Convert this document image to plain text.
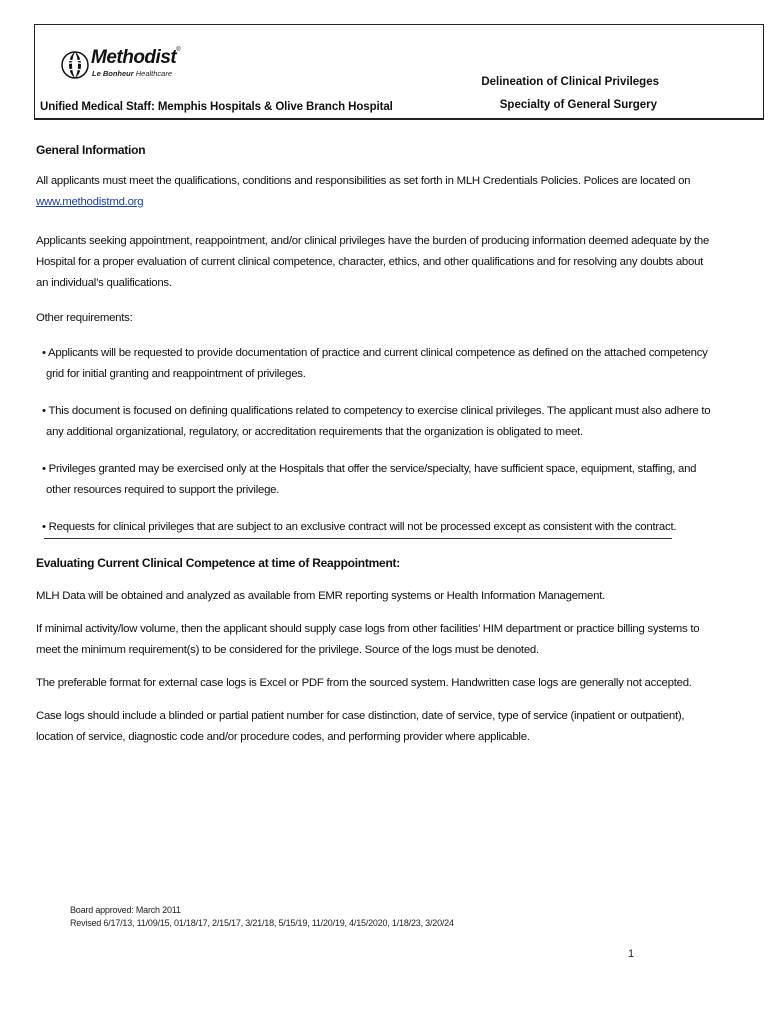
Methodist®
Le Bonheur Healthcare
Unified Medical Staff: Memphis Hospitals & Olive Branch Hospital
Delineation of Clinical Privileges
Specialty of General Surgery

General Information

All applicants must meet the qualifications, conditions and responsibilities as set forth in MLH Credentials Policies. Polices are located on www.methodistmd.org

Applicants seeking appointment, reappointment, and/or clinical privileges have the burden of producing information deemed adequate by the Hospital for a proper evaluation of current clinical competence, character, ethics, and other qualifications and for resolving any doubts about an individual’s qualifications.

Other requirements:

• Applicants will be requested to provide documentation of practice and current clinical competence as defined on the attached competency grid for initial granting and reappointment of privileges.

• This document is focused on defining qualifications related to competency to exercise clinical privileges. The applicant must also adhere to any additional organizational, regulatory, or accreditation requirements that the organization is obligated to meet.

• Privileges granted may be exercised only at the Hospitals that offer the service/specialty, have sufficient space, equipment, staffing, and other resources required to support the privilege.

• Requests for clinical privileges that are subject to an exclusive contract will not be processed except as consistent with the contract.

Evaluating Current Clinical Competence at time of Reappointment:

MLH Data will be obtained and analyzed as available from EMR reporting systems or Health Information Management.

If minimal activity/low volume, then the applicant should supply case logs from other facilities’ HIM department or practice billing systems to meet the minimum requirement(s) to be considered for the privilege. Source of the logs must be denoted.

The preferable format for external case logs is Excel or PDF from the sourced system. Handwritten case logs are generally not accepted.

Case logs should include a blinded or partial patient number for case distinction, date of service, type of service (inpatient or outpatient), location of service, diagnostic code and/or procedure codes, and performing provider where applicable.

Board approved: March 2011
Revised 6/17/13, 11/09/15, 01/18/17, 2/15/17, 3/21/18, 5/15/19, 11/20/19, 4/15/2020, 1/18/23, 3/20/24
1
